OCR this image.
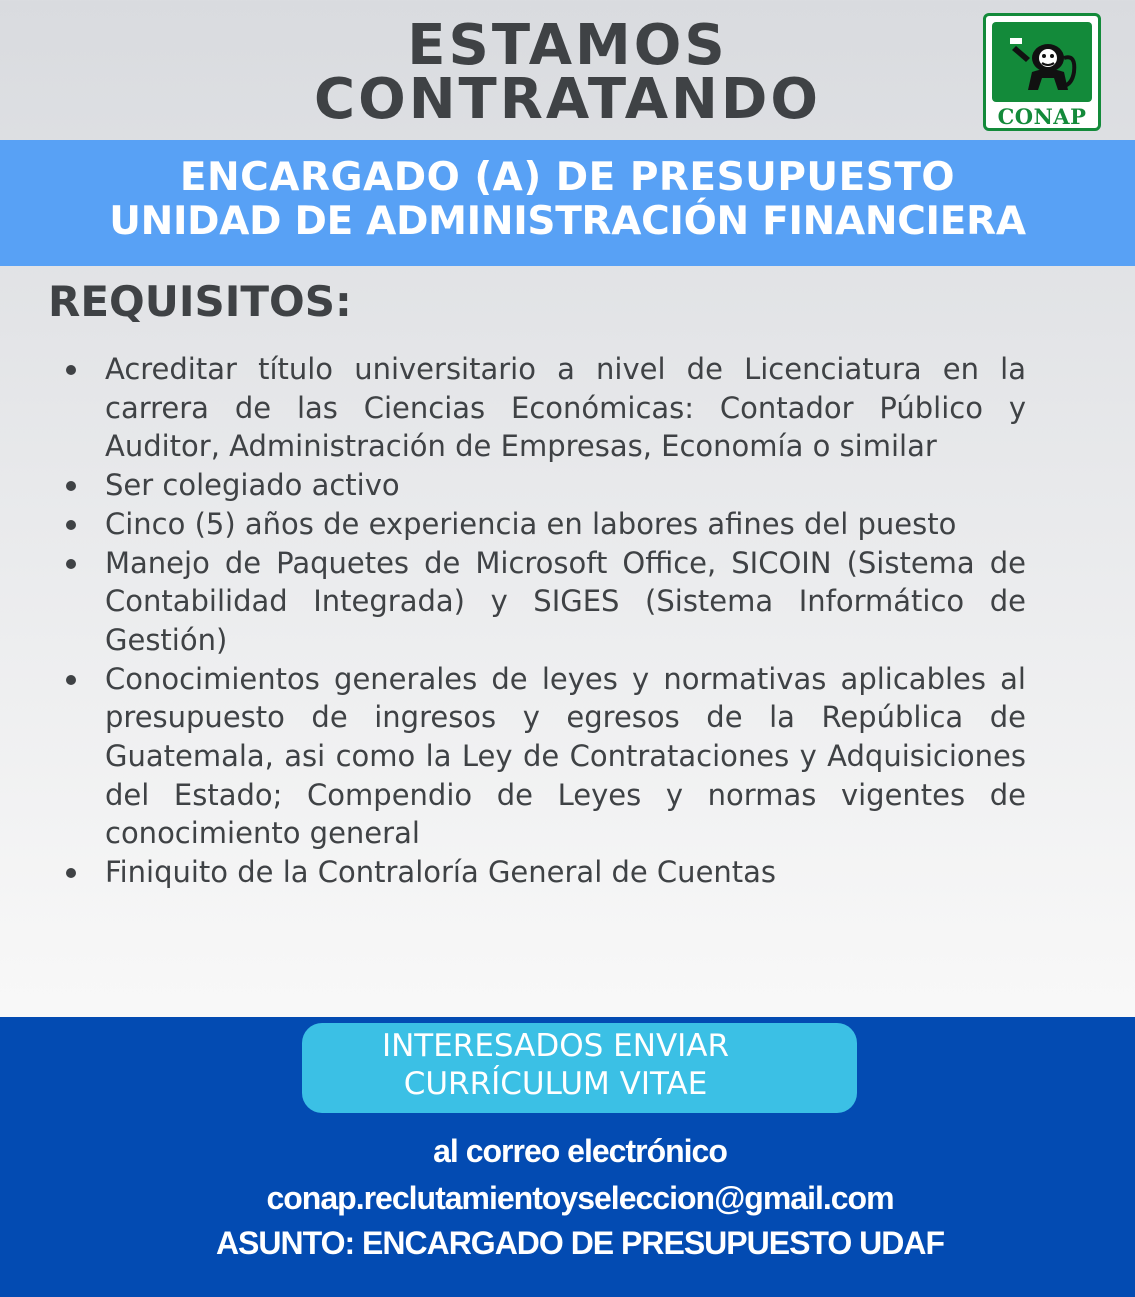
ESTAMOS
CONTRATANDO	CONAP
ENCARGADO (A) DE PRESUPUESTO
UNIDAD DE ADMINISTRACIÓN FINANCIERA
REQUISITOS:
Acreditar título universitario a nivel de Licenciatura en la carrera de las Ciencias Económicas: Contador Público y Auditor, Administración de Empresas, Economía o similar
Ser colegiado activo
Cinco (5) años de experiencia en labores afines del puesto
Manejo de Paquetes de Microsoft Office, SICOIN (Sistema de Contabilidad Integrada) y SIGES (Sistema Informático de Gestión)
Conocimientos generales de leyes y normativas aplicables al presupuesto de ingresos y egresos de la República de Guatemala, asi como la Ley de Contrataciones y Adquisiciones del Estado; Compendio de Leyes y normas vigentes de conocimiento general
Finiquito de la Contraloría General de Cuentas
INTERESADOS ENVIAR
CURRÍCULUM VITAE
al correo electrónico
conap.reclutamientoyseleccion@gmail.com
ASUNTO: ENCARGADO DE PRESUPUESTO UDAF
